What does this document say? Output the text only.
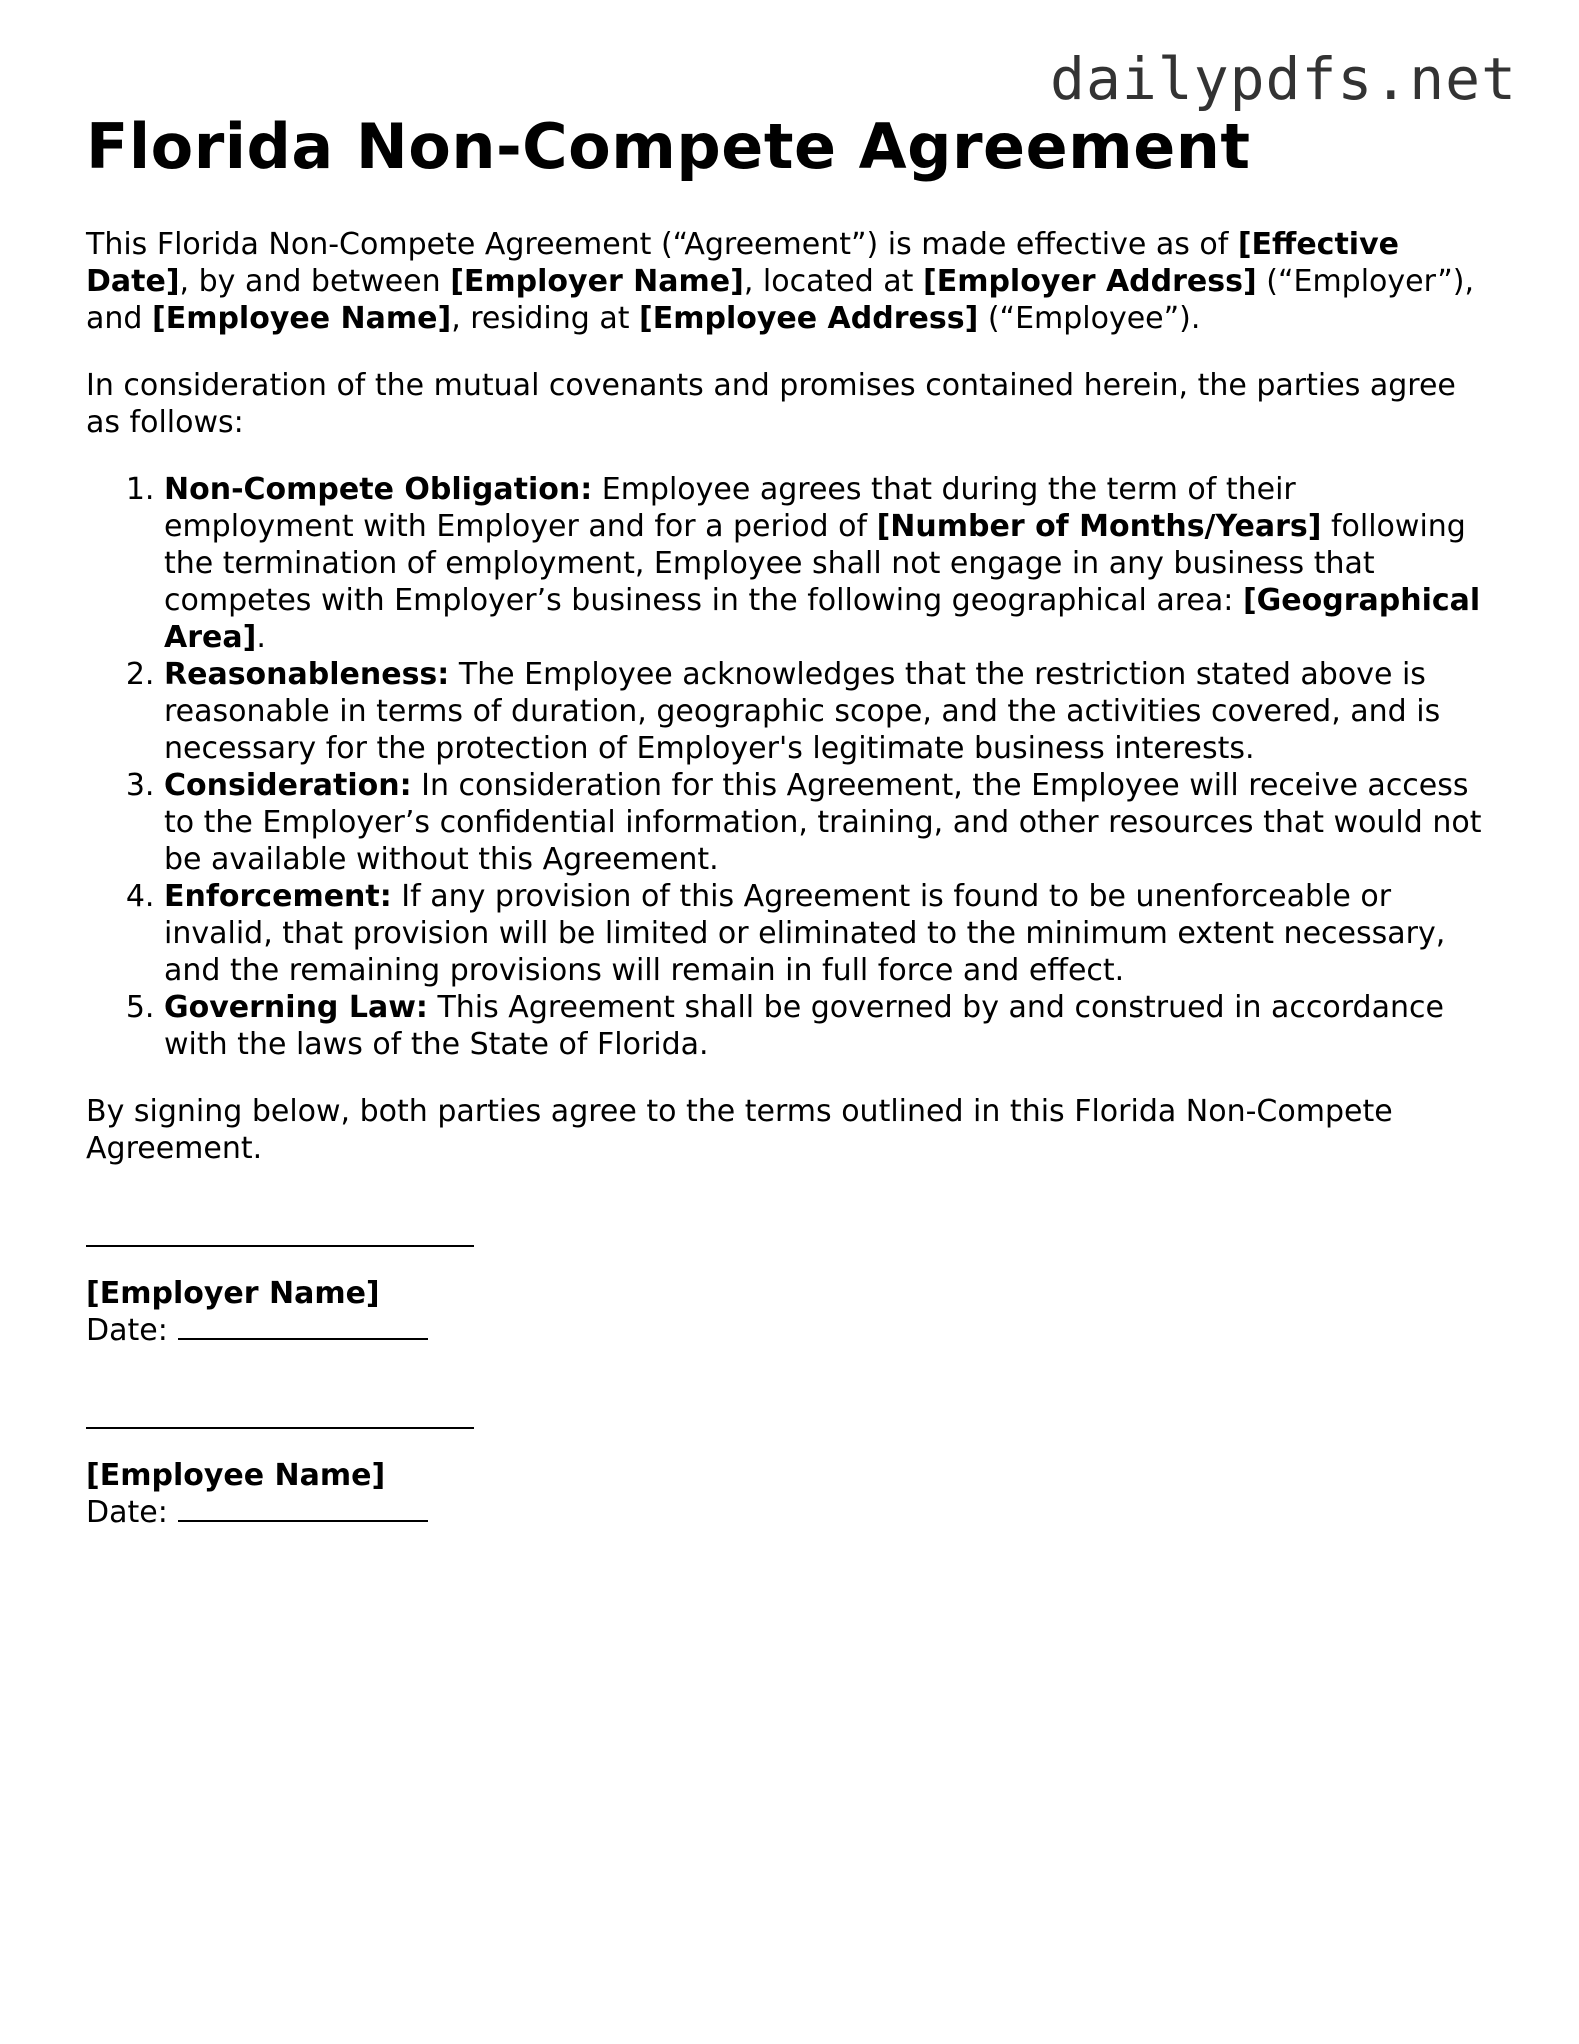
dailypdfs.net
Florida Non-Compete Agreement

This Florida Non-Compete Agreement (“Agreement”) is made effective as of [Effective Date], by and between [Employer Name], located at [Employer Address] (“Employer”), and [Employee Name], residing at [Employee Address] (“Employee”).

In consideration of the mutual covenants and promises contained herein, the parties agree as follows:

1. Non-Compete Obligation: Employee agrees that during the term of their employment with Employer and for a period of [Number of Months/Years] following the termination of employment, Employee shall not engage in any business that competes with Employer’s business in the following geographical area: [Geographical Area].
2. Reasonableness: The Employee acknowledges that the restriction stated above is reasonable in terms of duration, geographic scope, and the activities covered, and is necessary for the protection of Employer's legitimate business interests.
3. Consideration: In consideration for this Agreement, the Employee will receive access to the Employer’s confidential information, training, and other resources that would not be available without this Agreement.
4. Enforcement: If any provision of this Agreement is found to be unenforceable or invalid, that provision will be limited or eliminated to the minimum extent necessary, and the remaining provisions will remain in full force and effect.
5. Governing Law: This Agreement shall be governed by and construed in accordance with the laws of the State of Florida.

By signing below, both parties agree to the terms outlined in this Florida Non-Compete Agreement.

[Employer Name]
Date:
[Employee Name]
Date:
